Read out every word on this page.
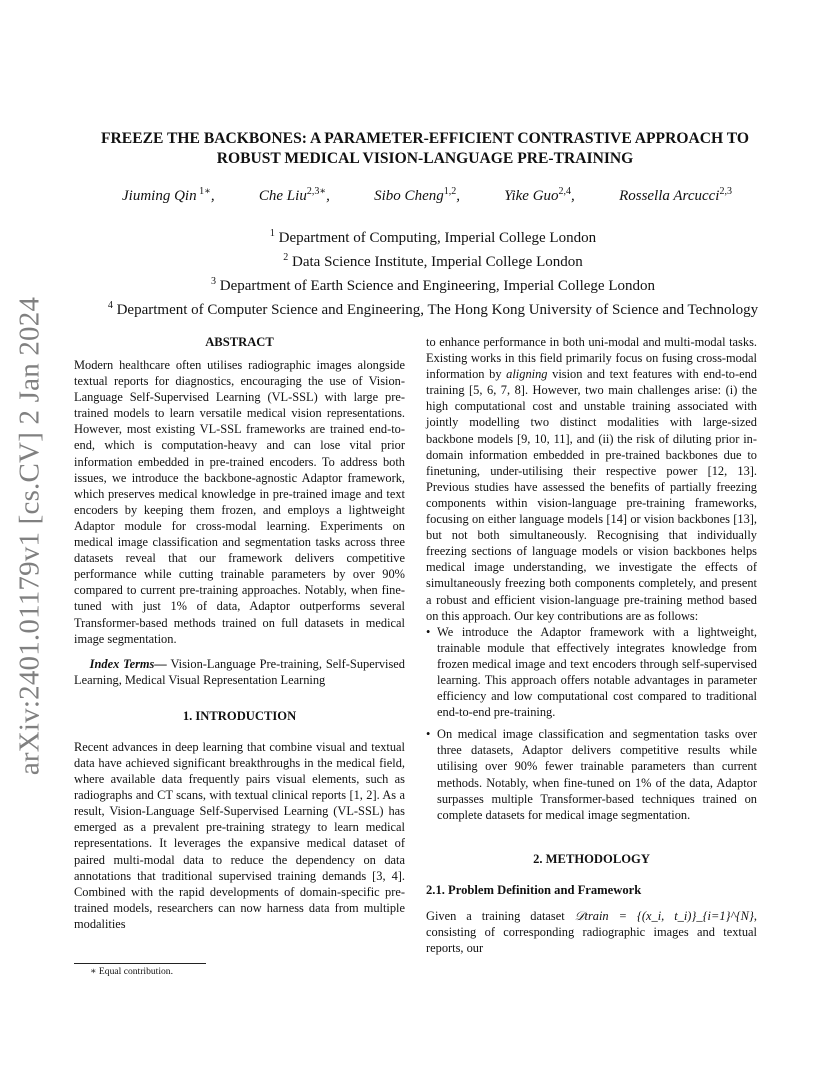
arXiv:2401.01179v1 [cs.CV] 2 Jan 2024
FREEZE THE BACKBONES: A PARAMETER-EFFICIENT CONTRASTIVE APPROACH TO
ROBUST MEDICAL VISION-LANGUAGE PRE-TRAINING
Jiuming Qin $^{1∗}$,	Che Liu$^{2,3∗}$,	Sibo Cheng$^{1,2}$,	Yike Guo$^{2,4}$,	Rossella Arcucci$^{2,3}$
$^1$ Department of Computing, Imperial College London
$^2$ Data Science Institute, Imperial College London
$^3$ Department of Earth Science and Engineering, Imperial College London
$^4$ Department of Computer Science and Engineering, The Hong Kong University of Science and Technology

ABSTRACT

Modern healthcare often utilises radiographic images alongside textual reports for diagnostics, encouraging the use of Vision-Language Self-Supervised Learning (VL-SSL) with large pre-trained models to learn versatile medical vision representations. However, most existing VL-SSL frameworks are trained end-to-end, which is computation-heavy and can lose vital prior information embedded in pre-trained encoders. To address both issues, we introduce the backbone-agnostic Adaptor framework, which preserves medical knowledge in pre-trained image and text encoders by keeping them frozen, and employs a lightweight Adaptor module for cross-modal learning. Experiments on medical image classification and segmentation tasks across three datasets reveal that our framework delivers competitive performance while cutting trainable parameters by over 90% compared to current pre-training approaches. Notably, when fine-tuned with just 1% of data, Adaptor outperforms several Transformer-based methods trained on full datasets in medical image segmentation.

Index Terms— Vision-Language Pre-training, Self-Supervised Learning, Medical Visual Representation Learning

1. INTRODUCTION

Recent advances in deep learning that combine visual and textual data have achieved significant breakthroughs in the medical field, where available data frequently pairs visual elements, such as radiographs and CT scans, with textual clinical reports [1, 2]. As a result, Vision-Language Self-Supervised Learning (VL-SSL) has emerged as a prevalent pre-training strategy to learn medical representations. It leverages the expansive medical dataset of paired multi-modal data to reduce the dependency on data annotations that traditional supervised training demands [3, 4]. Combined with the rapid developments of domain-specific pre-trained models, researchers can now harness data from multiple modalities

∗ Equal contribution.

to enhance performance in both uni-modal and multi-modal tasks. Existing works in this field primarily focus on fusing cross-modal information by aligning vision and text features with end-to-end training [5, 6, 7, 8]. However, two main challenges arise: (i) the high computational cost and unstable training associated with jointly modelling two distinct modalities with large-sized backbone models [9, 10, 11], and (ii) the risk of diluting prior in-domain information embedded in pre-trained backbones due to finetuning, under-utilising their respective power [12, 13]. Previous studies have assessed the benefits of partially freezing components within vision-language pre-training frameworks, focusing on either language models [14] or vision backbones [13], but not both simultaneously. Recognising that individually freezing sections of language models or vision backbones helps medical image understanding, we investigate the effects of simultaneously freezing both components completely, and present a robust and efficient vision-language pre-training method based on this approach. Our key contributions are as follows:

• We introduce the Adaptor framework with a lightweight, trainable module that effectively integrates knowledge from frozen medical image and text encoders through self-supervised learning. This approach offers notable advantages in parameter efficiency and low computational cost compared to traditional end-to-end pre-training.
• On medical image classification and segmentation tasks over three datasets, Adaptor delivers competitive results while utilising over 90% fewer trainable parameters than current methods. Notably, when fine-tuned on 1% of the data, Adaptor surpasses multiple Transformer-based techniques trained on complete datasets for medical image segmentation.

2. METHODOLOGY

2.1. Problem Definition and Framework

Given a training dataset 𝒟train = {(x_i, t_i)}_{i=1}^{N}, consisting of corresponding radiographic images and textual reports, our
